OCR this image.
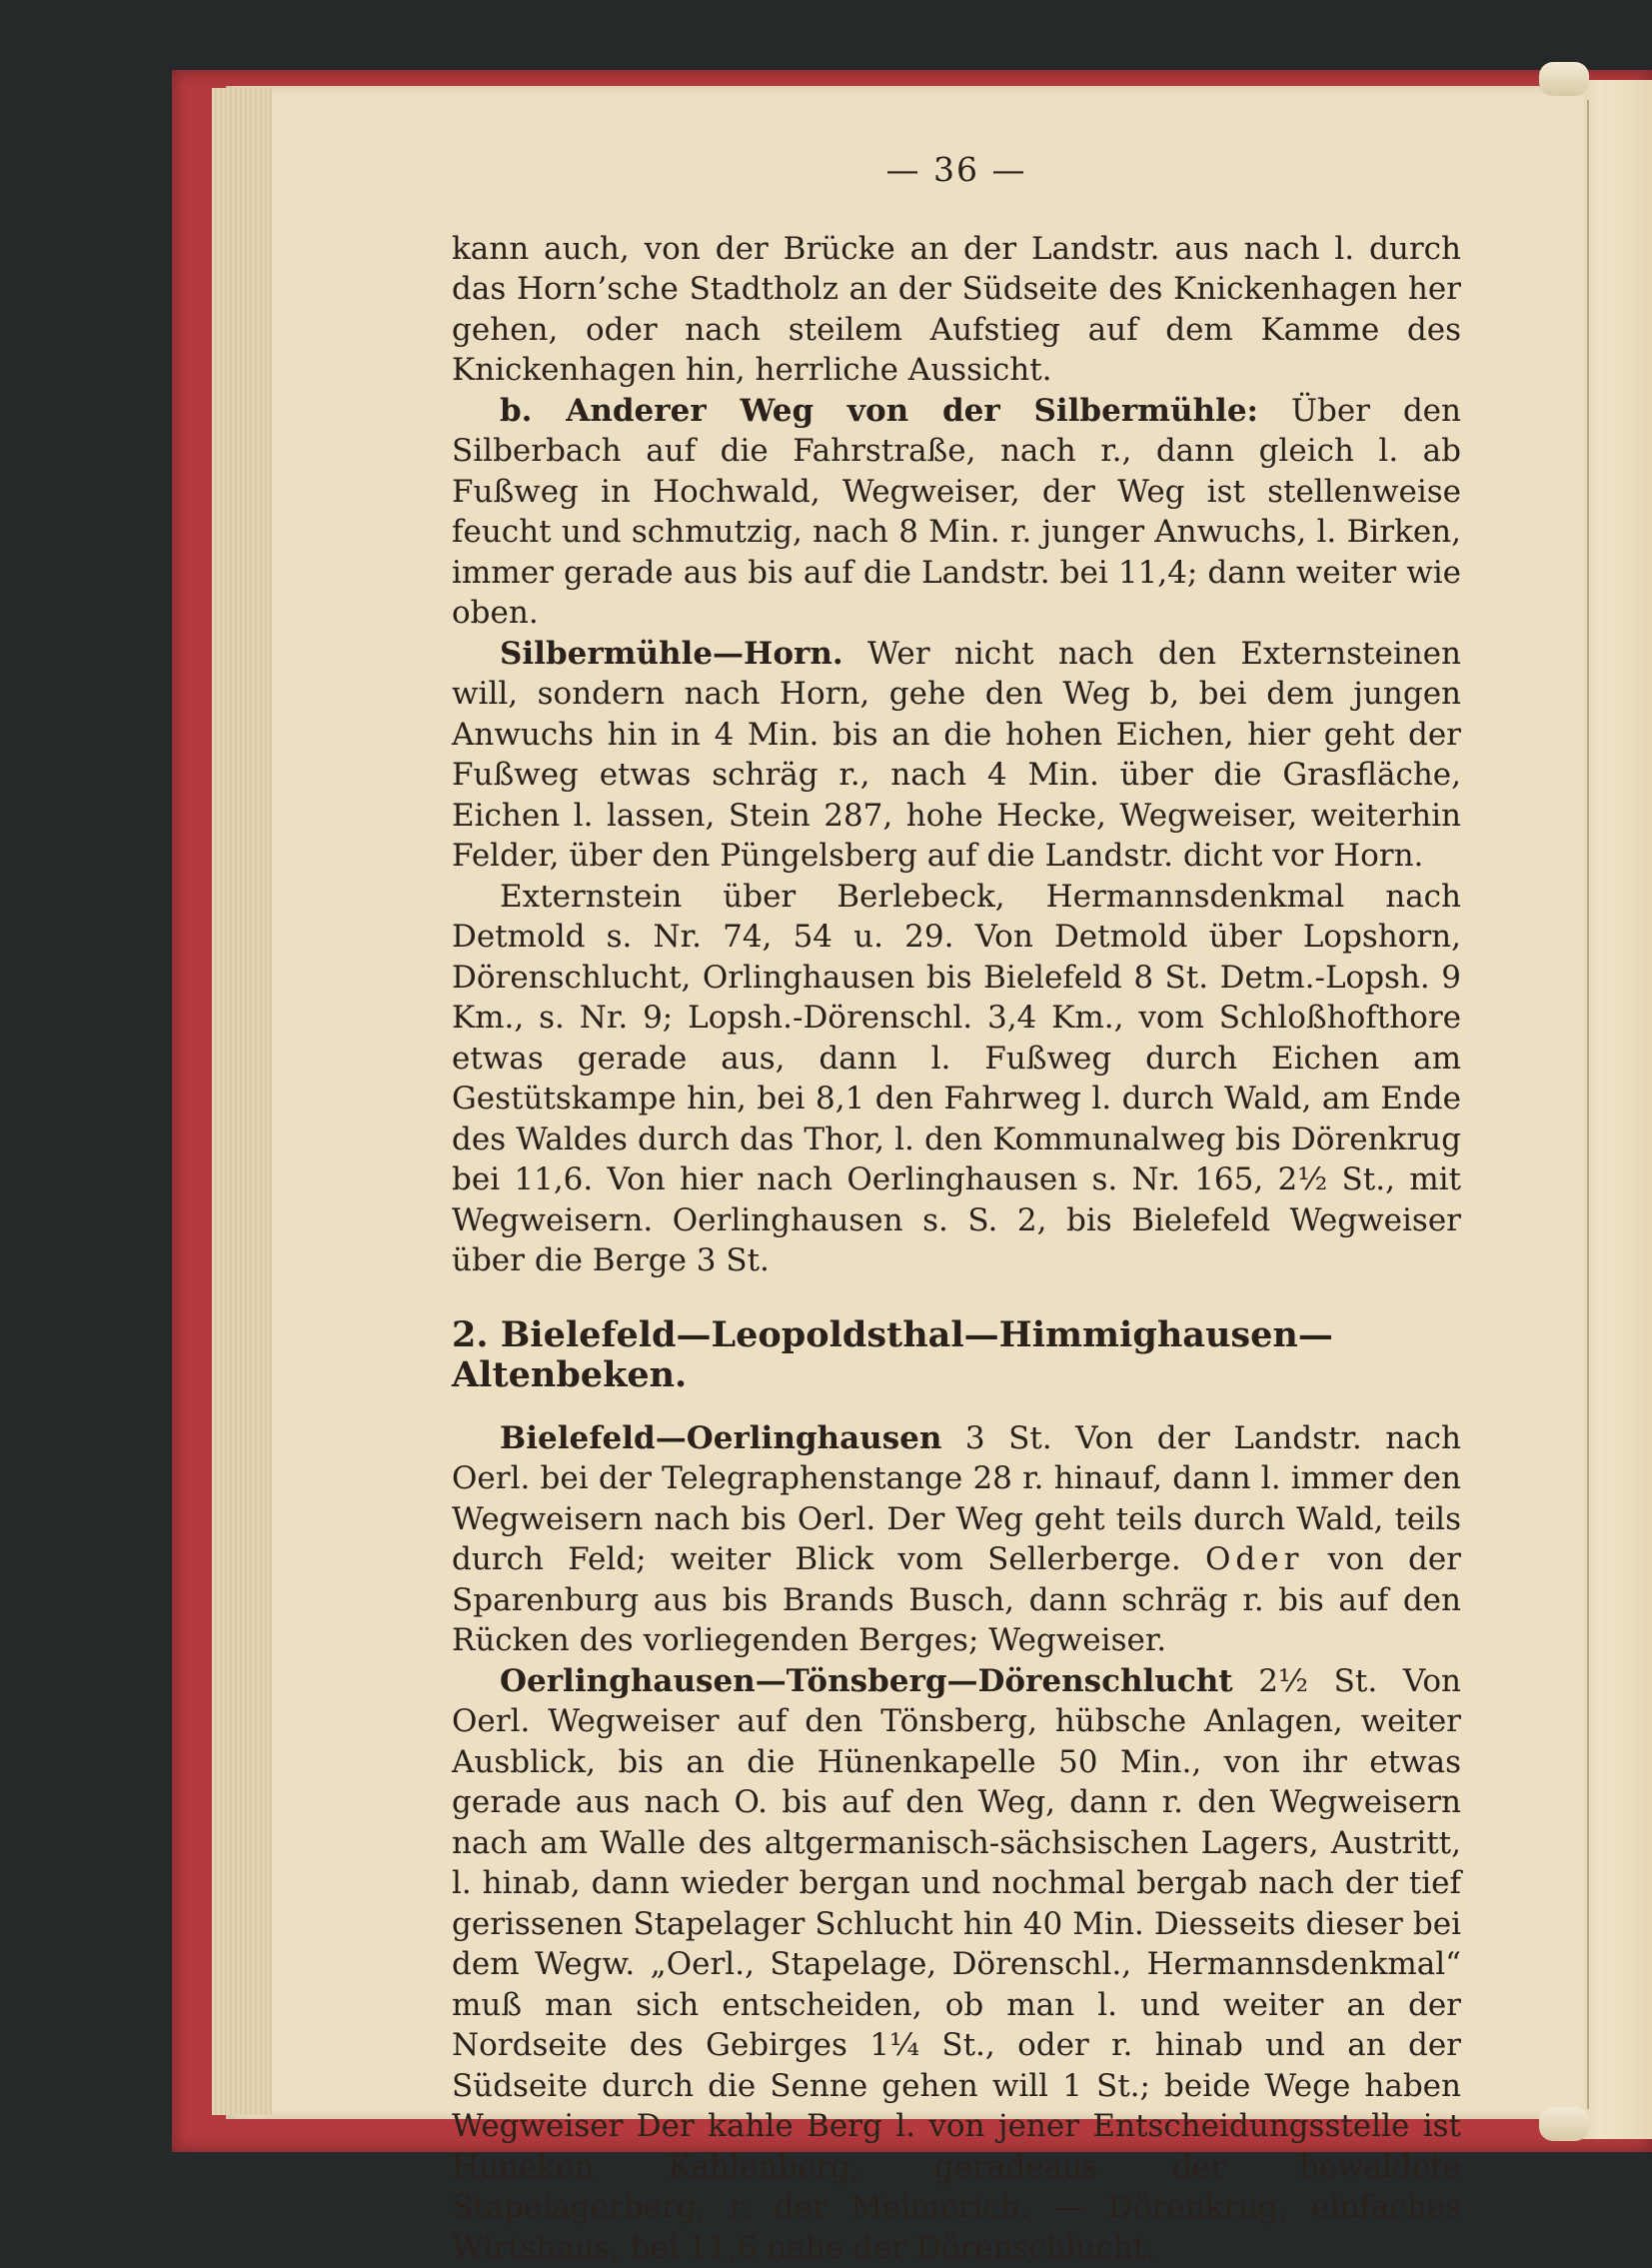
— 36 —

kann auch, von der Brücke an der Landstr. aus nach l. durch das Horn’sche Stadtholz an der Südseite des Knickenhagen her gehen, oder nach steilem Aufstieg auf dem Kamme des Knickenhagen hin, herrliche Aussicht.

b. Anderer Weg von der Silbermühle: Über den Silberbach auf die Fahrstraße, nach r., dann gleich l. ab Fußweg in Hochwald, Wegweiser, der Weg ist stellenweise feucht und schmutzig, nach 8 Min. r. junger Anwuchs, l. Birken, immer gerade aus bis auf die Landstr. bei 11,4; dann weiter wie oben.

Silbermühle—Horn. Wer nicht nach den Externsteinen will, sondern nach Horn, gehe den Weg b, bei dem jungen Anwuchs hin in 4 Min. bis an die hohen Eichen, hier geht der Fußweg etwas schräg r., nach 4 Min. über die Grasfläche, Eichen l. lassen, Stein 287, hohe Hecke, Wegweiser, weiterhin Felder, über den Püngelsberg auf die Landstr. dicht vor Horn.

Externstein über Berlebeck, Hermannsdenkmal nach Detmold s. Nr. 74, 54 u. 29. Von Detmold über Lopshorn, Dörenschlucht, Orlinghausen bis Bielefeld 8 St. Detm.-Lopsh. 9 Km., s. Nr. 9; Lopsh.-Dörenschl. 3,4 Km., vom Schloßhofthore etwas gerade aus, dann l. Fußweg durch Eichen am Gestütskampe hin, bei 8,1 den Fahrweg l. durch Wald, am Ende des Waldes durch das Thor, l. den Kommunalweg bis Dörenkrug bei 11,6. Von hier nach Oerlinghausen s. Nr. 165, 2½ St., mit Wegweisern. Oerlinghausen s. S. 2, bis Bielefeld Wegweiser über die Berge 3 St.

2. Bielefeld—Leopoldsthal—Himmighausen—Altenbeken.

Bielefeld—Oerlinghausen 3 St. Von der Landstr. nach Oerl. bei der Telegraphenstange 28 r. hinauf, dann l. immer den Wegweisern nach bis Oerl. Der Weg geht teils durch Wald, teils durch Feld; weiter Blick vom Sellerberge. Oder von der Sparenburg aus bis Brands Busch, dann schräg r. bis auf den Rücken des vorliegenden Berges; Wegweiser.

Oerlinghausen—Tönsberg—Dörenschlucht 2½ St. Von Oerl. Wegweiser auf den Tönsberg, hübsche Anlagen, weiter Ausblick, bis an die Hünenkapelle 50 Min., von ihr etwas gerade aus nach O. bis auf den Weg, dann r. den Wegweisern nach am Walle des altgermanisch-sächsischen Lagers, Austritt, l. hinab, dann wieder bergan und nochmal bergab nach der tief gerissenen Stapelager Schlucht hin 40 Min. Diesseits dieser bei dem Wegw. „Oerl., Stapelage, Dörenschl., Hermannsdenkmal“ muß man sich entscheiden, ob man l. und weiter an der Nordseite des Gebirges 1¼ St., oder r. hinab und an der Südseite durch die Senne gehen will 1 St.; beide Wege haben Wegweiser Der kahle Berg l. von jener Entscheidungsstelle ist Huneken Kahlenberg, geradeaus der bewaldete Stapelagerberg, r. der Meimerich. — Dörenkrug, einfaches Wirtshaus, bei 11,6 nahe der Dörenschlucht.
